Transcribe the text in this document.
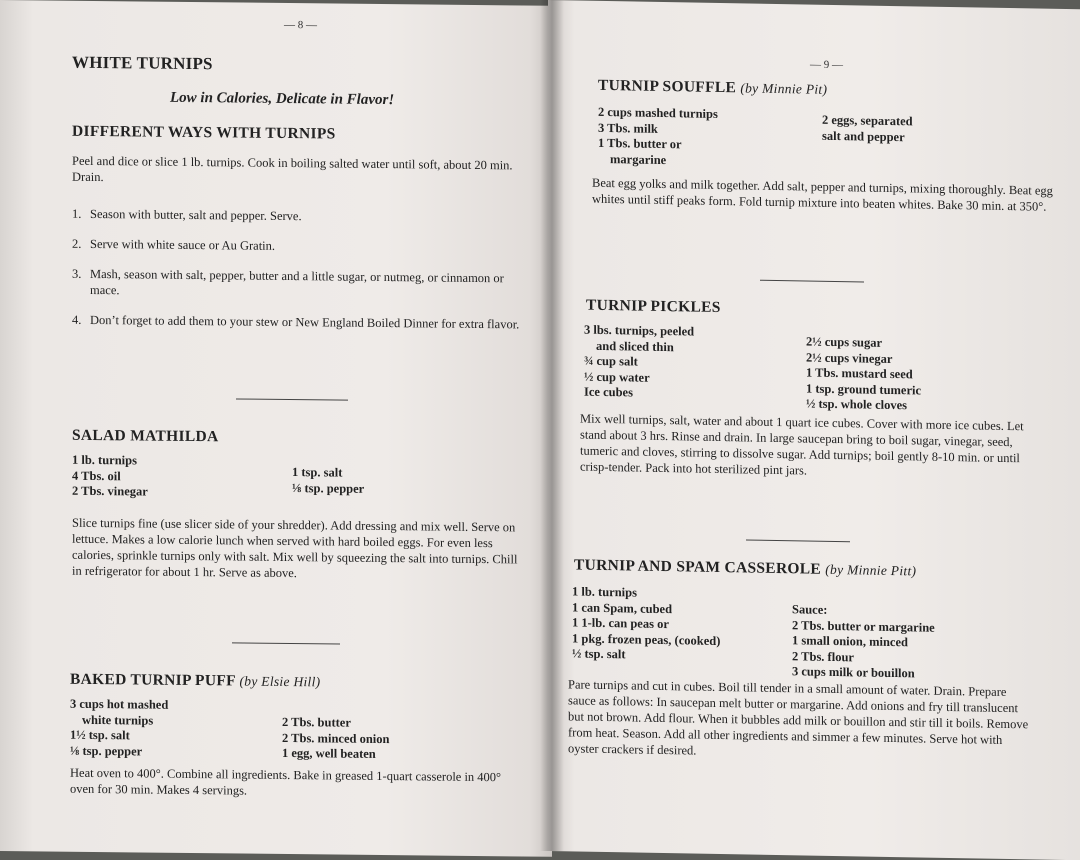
— 8 —
WHITE TURNIPS
Low in Calories, Delicate in Flavor!
DIFFERENT WAYS WITH TURNIPS
Peel and dice or slice 1 lb. turnips. Cook in boiling salted water until soft, about 20 min. Drain.
1. Season with butter, salt and pepper. Serve.
2. Serve with white sauce or Au Gratin.
3. Mash, season with salt, pepper, butter and a little sugar, or nutmeg, or cinnamon or mace.
4. Don’t forget to add them to your stew or New England Boiled Dinner for extra flavor.
SALAD MATHILDA
1 lb. turnips
4 Tbs. oil
2 Tbs. vinegar
1 tsp. salt
⅛ tsp. pepper
Slice turnips fine (use slicer side of your shredder). Add dressing and mix well. Serve on lettuce. Makes a low calorie lunch when served with hard boiled eggs. For even less calories, sprinkle turnips only with salt. Mix well by squeezing the salt into turnips. Chill in refrigerator for about 1 hr. Serve as above.
BAKED TURNIP PUFF (by Elsie Hill)
3 cups hot mashed
white turnips
1½ tsp. salt
⅛ tsp. pepper
2 Tbs. butter
2 Tbs. minced onion
1 egg, well beaten
Heat oven to 400°. Combine all ingredients. Bake in greased 1-quart casserole in 400° oven for 30 min. Makes 4 servings.
— 9 —
TURNIP SOUFFLE (by Minnie Pit)
2 cups mashed turnips
3 Tbs. milk
1 Tbs. butter or
margarine
2 eggs, separated
salt and pepper
Beat egg yolks and milk together. Add salt, pepper and turnips, mixing thoroughly. Beat egg whites until stiff peaks form. Fold turnip mixture into beaten whites. Bake 30 min. at 350°.
TURNIP PICKLES
3 lbs. turnips, peeled
and sliced thin
¾ cup salt
½ cup water
Ice cubes
2½ cups sugar
2½ cups vinegar
1 Tbs. mustard seed
1 tsp. ground tumeric
½ tsp. whole cloves
Mix well turnips, salt, water and about 1 quart ice cubes. Cover with more ice cubes. Let stand about 3 hrs. Rinse and drain. In large saucepan bring to boil sugar, vinegar, seed, tumeric and cloves, stirring to dissolve sugar. Add turnips; boil gently 8-10 min. or until crisp-tender. Pack into hot sterilized pint jars.
TURNIP AND SPAM CASSEROLE (by Minnie Pitt)
1 lb. turnips
1 can Spam, cubed
1 1-lb. can peas or
1 pkg. frozen peas, (cooked)
½ tsp. salt
Sauce:
2 Tbs. butter or margarine
1 small onion, minced
2 Tbs. flour
3 cups milk or bouillon
Pare turnips and cut in cubes. Boil till tender in a small amount of water. Drain. Prepare sauce as follows: In saucepan melt butter or margarine. Add onions and fry till translucent but not brown. Add flour. When it bubbles add milk or bouillon and stir till it boils. Remove from heat. Season. Add all other ingredients and simmer a few minutes. Serve hot with oyster crackers if desired.
